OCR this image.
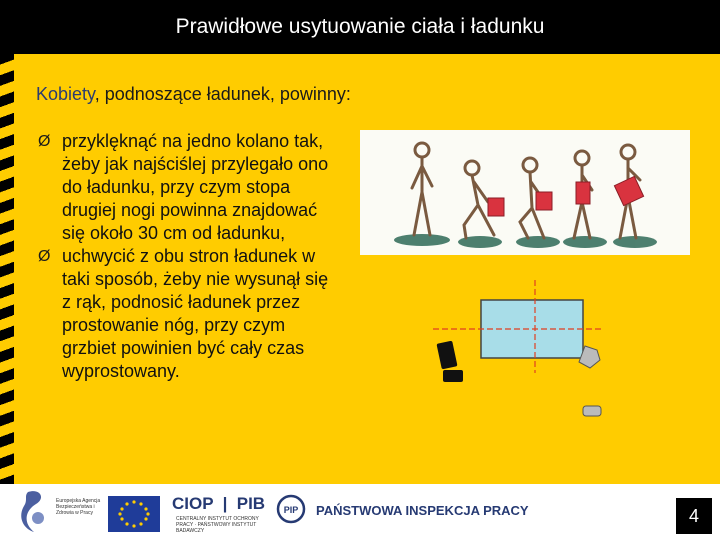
Prawidłowe usytuowanie ciała i ładunku
Kobiety, podnoszące ładunek, powinny:
Ø przyklęknąć na jedno kolano tak, żeby jak najściślej przylegało ono do ładunku, przy czym stopa drugiej nogi powinna znajdować się około 30 cm od ładunku,
Ø uchwycić z obu stron ładunek w taki sposób, żeby nie wysunął się z rąk, podnosić ładunek przez prostowanie nóg, przy czym grzbiet powinien być cały czas wyprostowany.
Europejska Agencja Bezpieczeństwa i Zdrowia w Pracy	CIOP | PIB
CENTRALNY INSTYTUT OCHRONY PRACY · PAŃSTWOWY INSTYTUT BADAWCZY
PIP PAŃSTWOWA INSPEKCJA PRACY	4
